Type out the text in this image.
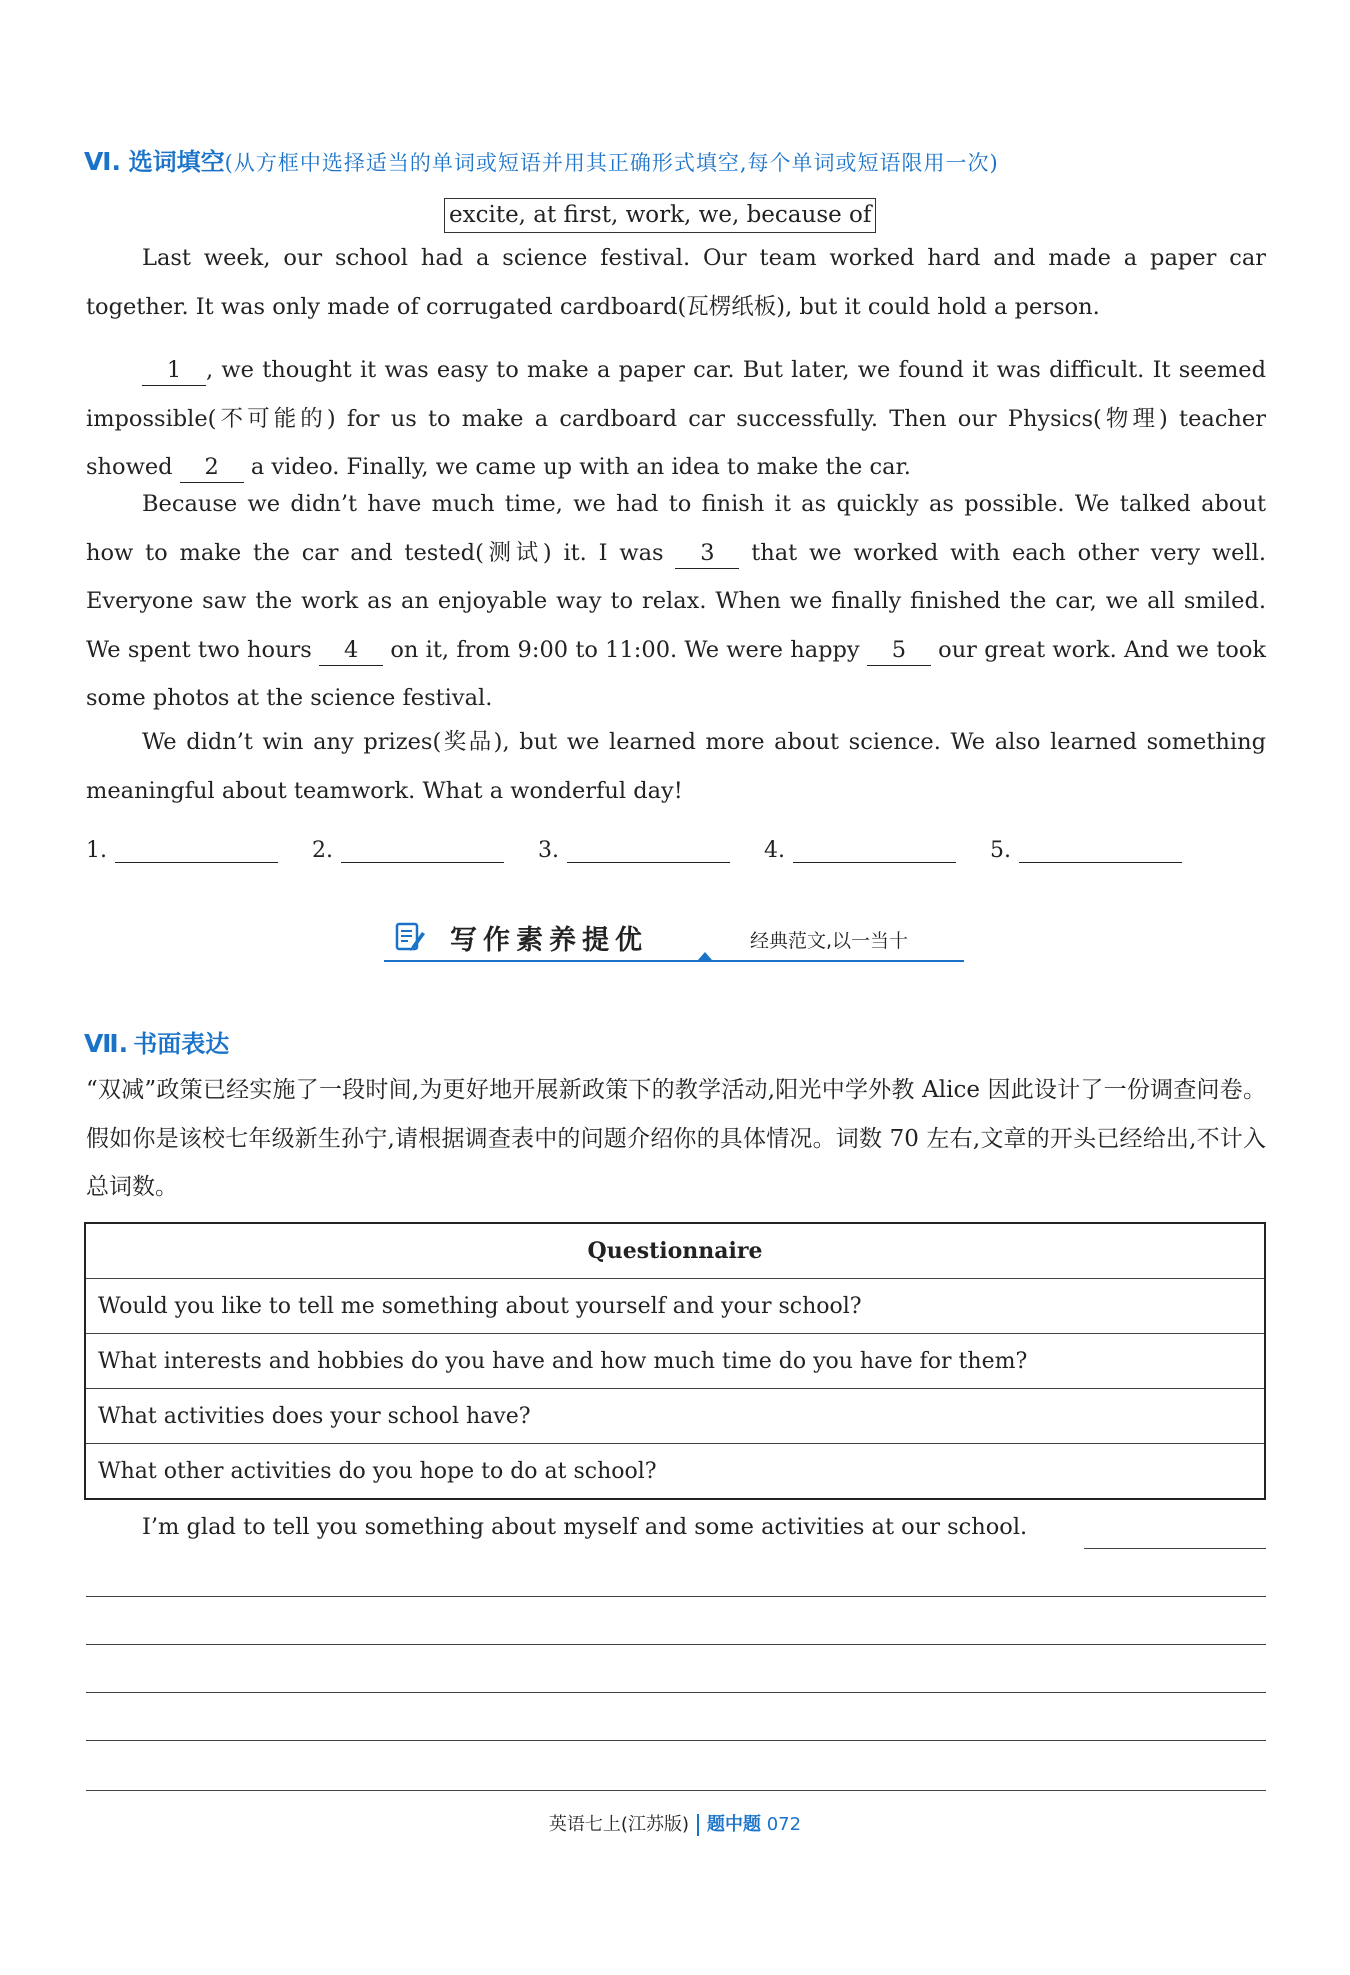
Ⅵ. 选词填空(从方框中选择适当的单词或短语并用其正确形式填空,每个单词或短语限用一次)
excite, at first, work, we, because of
Last week, our school had a science festival. Our team worked hard and made a paper car together. It was only made of corrugated cardboard(瓦楞纸板), but it could hold a person.
1 , we thought it was easy to make a paper car. But later, we found it was difficult. It seemed impossible(不可能的) for us to make a cardboard car successfully. Then our Physics(物理) teacher showed 2 a video. Finally, we came up with an idea to make the car.
Because we didn’t have much time, we had to finish it as quickly as possible. We talked about how to make the car and tested(测试) it. I was 3 that we worked with each other very well. Everyone saw the work as an enjoyable way to relax. When we finally finished the car, we all smiled. We spent two hours 4 on it, from 9:00 to 11:00. We were happy 5 our great work. And we took some photos at the science festival.
We didn’t win any prizes(奖品), but we learned more about science. We also learned something meaningful about teamwork. What a wonderful day!
1.	2.	3.	4.	5.
写作素养提优	经典范文,以一当十
Ⅶ. 书面表达
“双减”政策已经实施了一段时间,为更好地开展新政策下的教学活动,阳光中学外教 Alice 因此设计了一份调查问卷。假如你是该校七年级新生孙宁,请根据调查表中的问题介绍你的具体情况。词数 70 左右,文章的开头已经给出,不计入总词数。
Questionnaire
Would you like to tell me something about yourself and your school?
What interests and hobbies do you have and how much time do you have for them?
What activities does your school have?
What other activities do you hope to do at school?
I’m glad to tell you something about myself and some activities at our school.
英语七上(江苏版) 题中题 072
